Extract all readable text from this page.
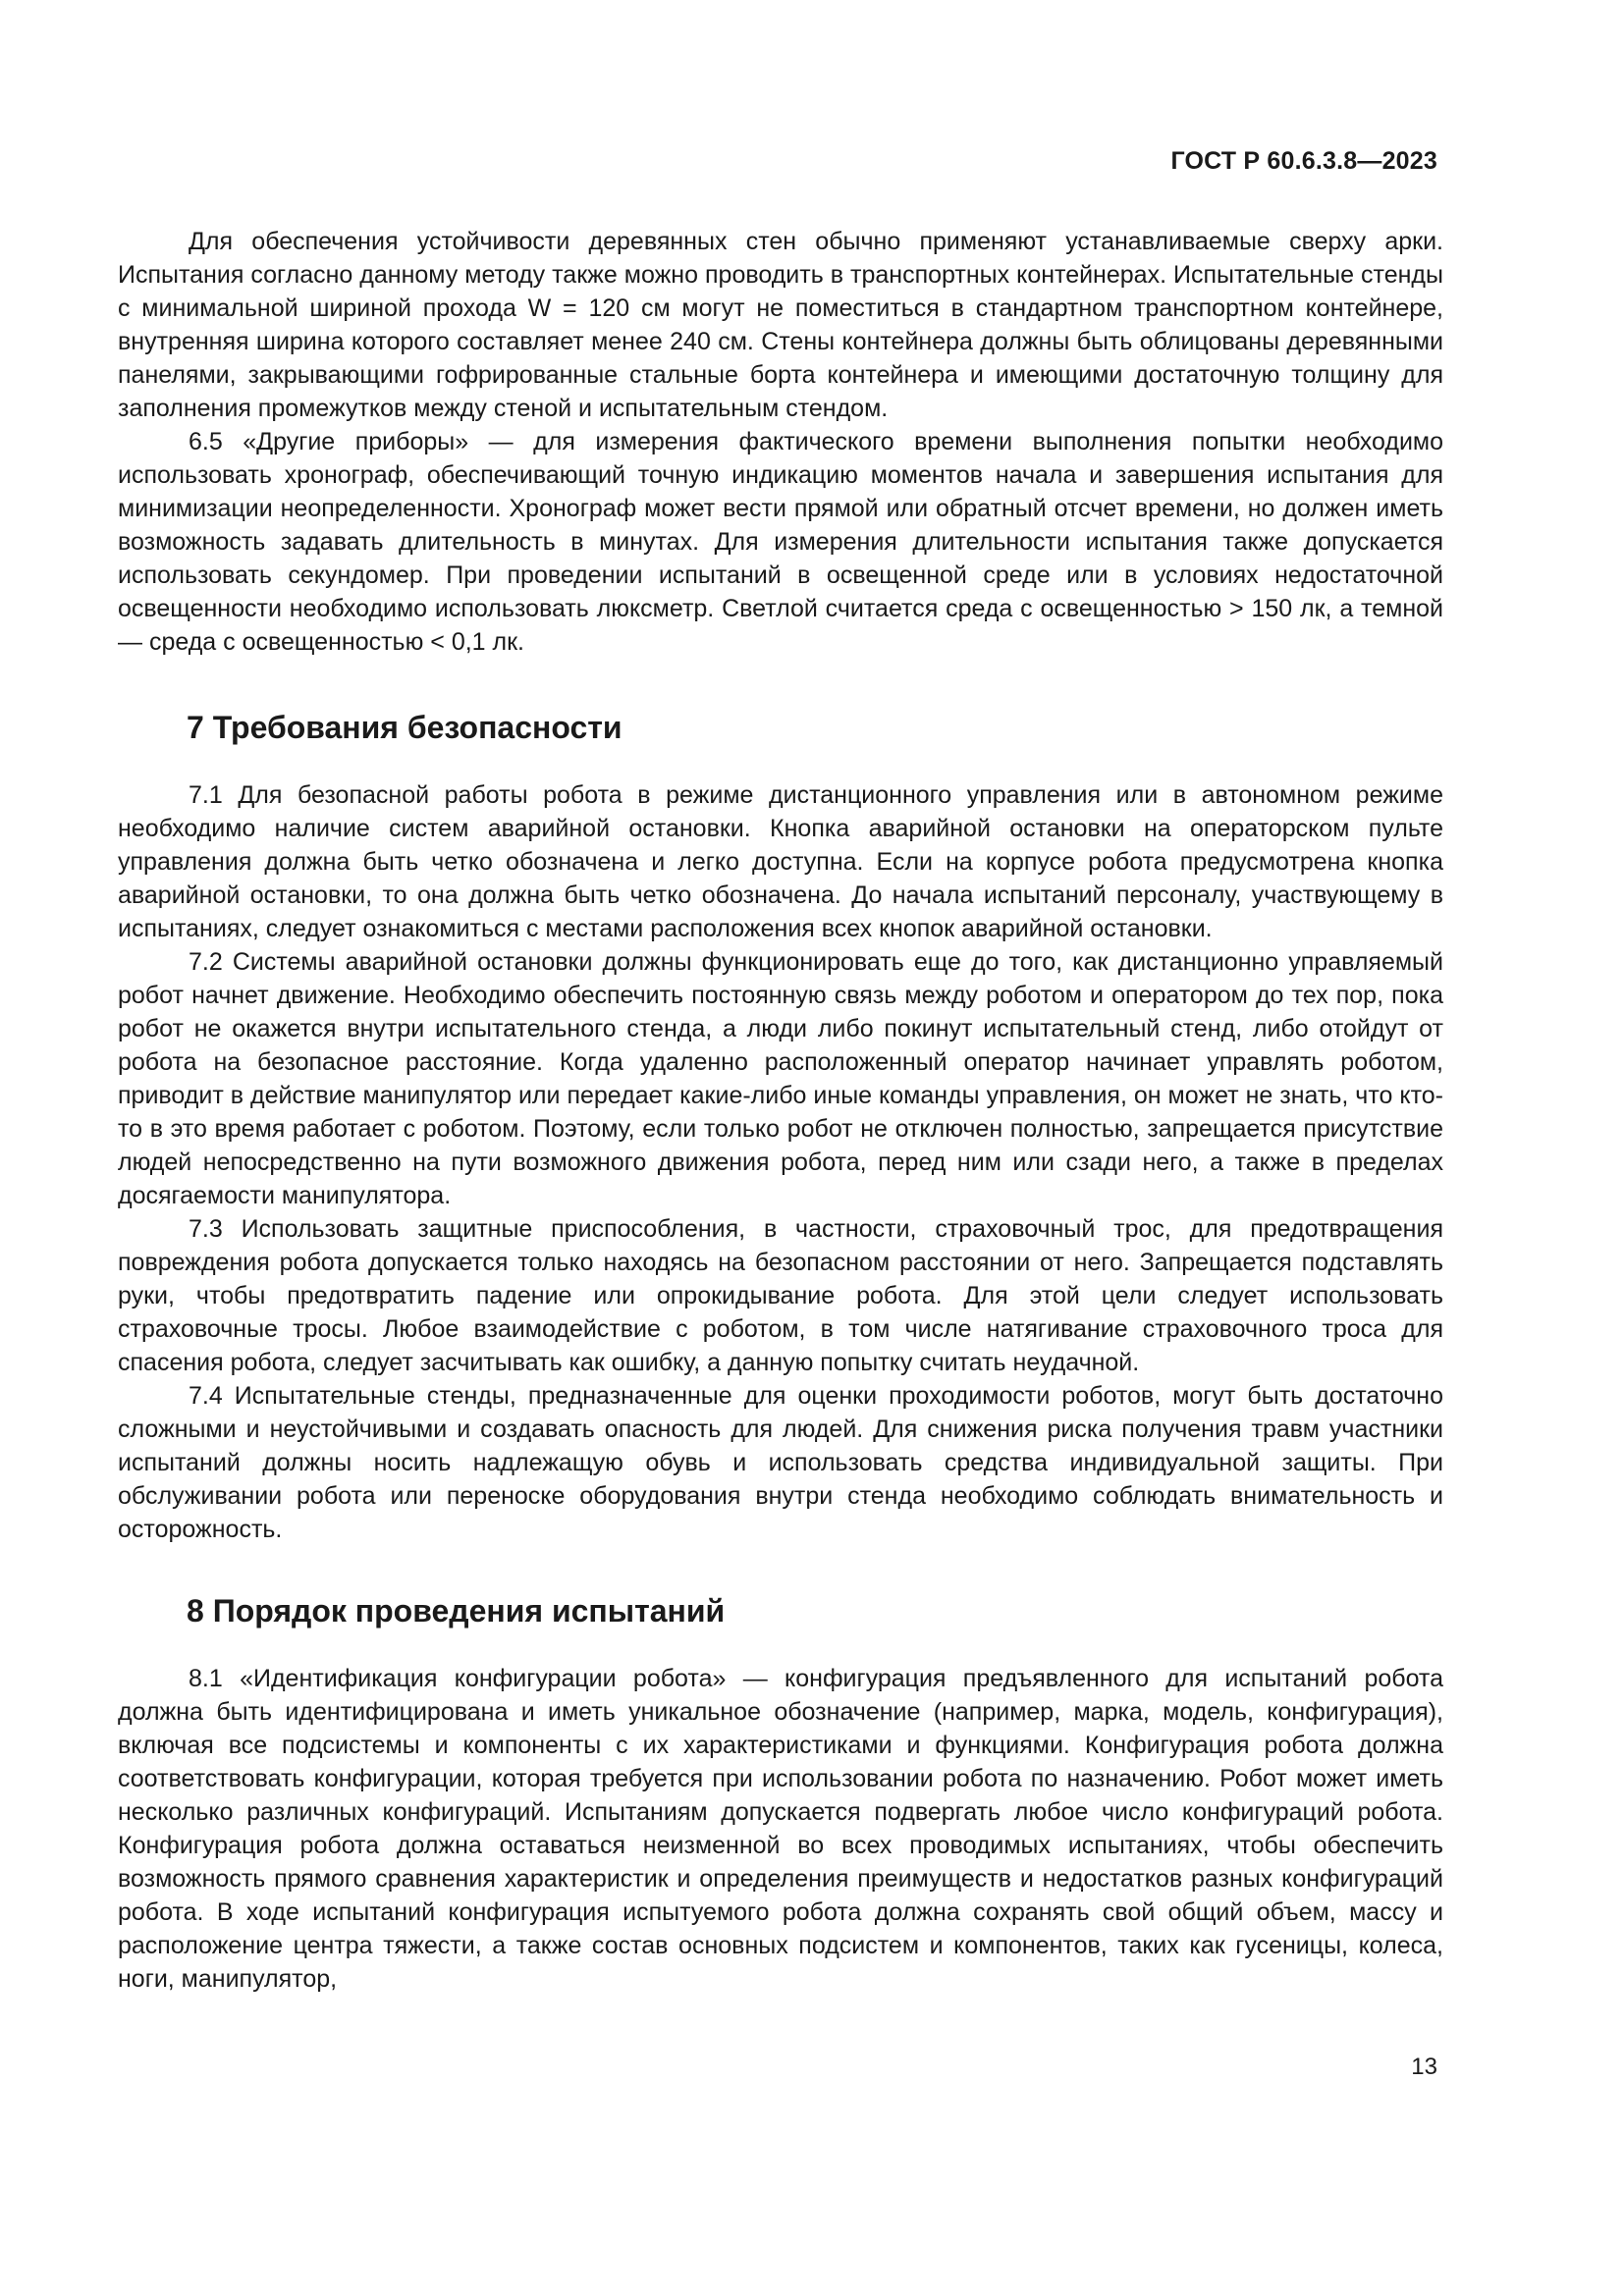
ГОСТ Р 60.6.3.8—2023

Для обеспечения устойчивости деревянных стен обычно применяют устанавливаемые сверху арки. Испытания согласно данному методу также можно проводить в транспортных контейнерах. Испытательные стенды с минимальной шириной прохода W = 120 см могут не поместиться в стандартном транспортном контейнере, внутренняя ширина которого составляет менее 240 см. Стены контейнера должны быть облицованы деревянными панелями, закрывающими гофрированные стальные борта контейнера и имеющими достаточную толщину для заполнения промежутков между стеной и испытательным стендом.

6.5 «Другие приборы» — для измерения фактического времени выполнения попытки необходимо использовать хронограф, обеспечивающий точную индикацию моментов начала и завершения испытания для минимизации неопределенности. Хронограф может вести прямой или обратный отсчет времени, но должен иметь возможность задавать длительность в минутах. Для измерения длительности испытания также допускается использовать секундомер. При проведении испытаний в освещенной среде или в условиях недостаточной освещенности необходимо использовать люксметр. Светлой считается среда с освещенностью > 150 лк, а темной — среда с освещенностью < 0,1 лк.

7 Требования безопасности

7.1 Для безопасной работы робота в режиме дистанционного управления или в автономном режиме необходимо наличие систем аварийной остановки. Кнопка аварийной остановки на операторском пульте управления должна быть четко обозначена и легко доступна. Если на корпусе робота предусмотрена кнопка аварийной остановки, то она должна быть четко обозначена. До начала испытаний персоналу, участвующему в испытаниях, следует ознакомиться с местами расположения всех кнопок аварийной остановки.

7.2 Системы аварийной остановки должны функционировать еще до того, как дистанционно управляемый робот начнет движение. Необходимо обеспечить постоянную связь между роботом и оператором до тех пор, пока робот не окажется внутри испытательного стенда, а люди либо покинут испытательный стенд, либо отойдут от робота на безопасное расстояние. Когда удаленно расположенный оператор начинает управлять роботом, приводит в действие манипулятор или передает какие-либо иные команды управления, он может не знать, что кто-то в это время работает с роботом. Поэтому, если только робот не отключен полностью, запрещается присутствие людей непосредственно на пути возможного движения робота, перед ним или сзади него, а также в пределах досягаемости манипулятора.

7.3 Использовать защитные приспособления, в частности, страховочный трос, для предотвращения повреждения робота допускается только находясь на безопасном расстоянии от него. Запрещается подставлять руки, чтобы предотвратить падение или опрокидывание робота. Для этой цели следует использовать страховочные тросы. Любое взаимодействие с роботом, в том числе натягивание страховочного троса для спасения робота, следует засчитывать как ошибку, а данную попытку считать неудачной.

7.4 Испытательные стенды, предназначенные для оценки проходимости роботов, могут быть достаточно сложными и неустойчивыми и создавать опасность для людей. Для снижения риска получения травм участники испытаний должны носить надлежащую обувь и использовать средства индивидуальной защиты. При обслуживании робота или переноске оборудования внутри стенда необходимо соблюдать внимательность и осторожность.

8 Порядок проведения испытаний

8.1 «Идентификация конфигурации робота» — конфигурация предъявленного для испытаний робота должна быть идентифицирована и иметь уникальное обозначение (например, марка, модель, конфигурация), включая все подсистемы и компоненты с их характеристиками и функциями. Конфигурация робота должна соответствовать конфигурации, которая требуется при использовании робота по назначению. Робот может иметь несколько различных конфигураций. Испытаниям допускается подвергать любое число конфигураций робота. Конфигурация робота должна оставаться неизменной во всех проводимых испытаниях, чтобы обеспечить возможность прямого сравнения характеристик и определения преимуществ и недостатков разных конфигураций робота. В ходе испытаний конфигурация испытуемого робота должна сохранять свой общий объем, массу и расположение центра тяжести, а также состав основных подсистем и компонентов, таких как гусеницы, колеса, ноги, манипулятор,

13
